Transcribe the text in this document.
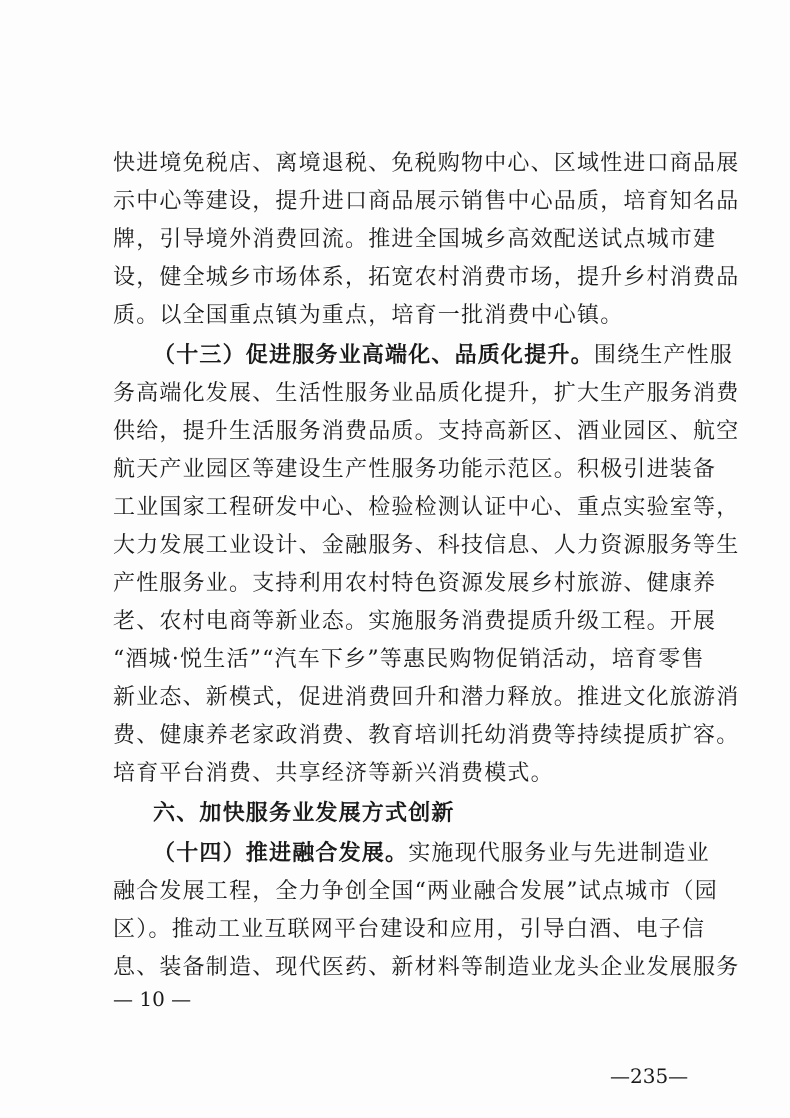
快进境免税店、离境退税、免税购物中心、区域性进口商品展
示中心等建设，提升进口商品展示销售中心品质，培育知名品
牌，引导境外消费回流。推进全国城乡高效配送试点城市建
设，健全城乡市场体系，拓宽农村消费市场，提升乡村消费品
质。以全国重点镇为重点，培育一批消费中心镇。
（十三）促进服务业高端化、品质化提升。围绕生产性服
务高端化发展、生活性服务业品质化提升，扩大生产服务消费
供给，提升生活服务消费品质。支持高新区、酒业园区、航空
航天产业园区等建设生产性服务功能示范区。积极引进装备
工业国家工程研发中心、检验检测认证中心、重点实验室等，
大力发展工业设计、金融服务、科技信息、人力资源服务等生
产性服务业。支持利用农村特色资源发展乡村旅游、健康养
老、农村电商等新业态。实施服务消费提质升级工程。开展
“酒城·悦生活”“汽车下乡”等惠民购物促销活动，培育零售
新业态、新模式，促进消费回升和潜力释放。推进文化旅游消
费、健康养老家政消费、教育培训托幼消费等持续提质扩容。
培育平台消费、共享经济等新兴消费模式。
六、加快服务业发展方式创新
（十四）推进融合发展。实施现代服务业与先进制造业
融合发展工程，全力争创全国“两业融合发展”试点城市（园
区）。推动工业互联网平台建设和应用，引导白酒、电子信
息、装备制造、现代医药、新材料等制造业龙头企业发展服务
— 10 —
—235—
